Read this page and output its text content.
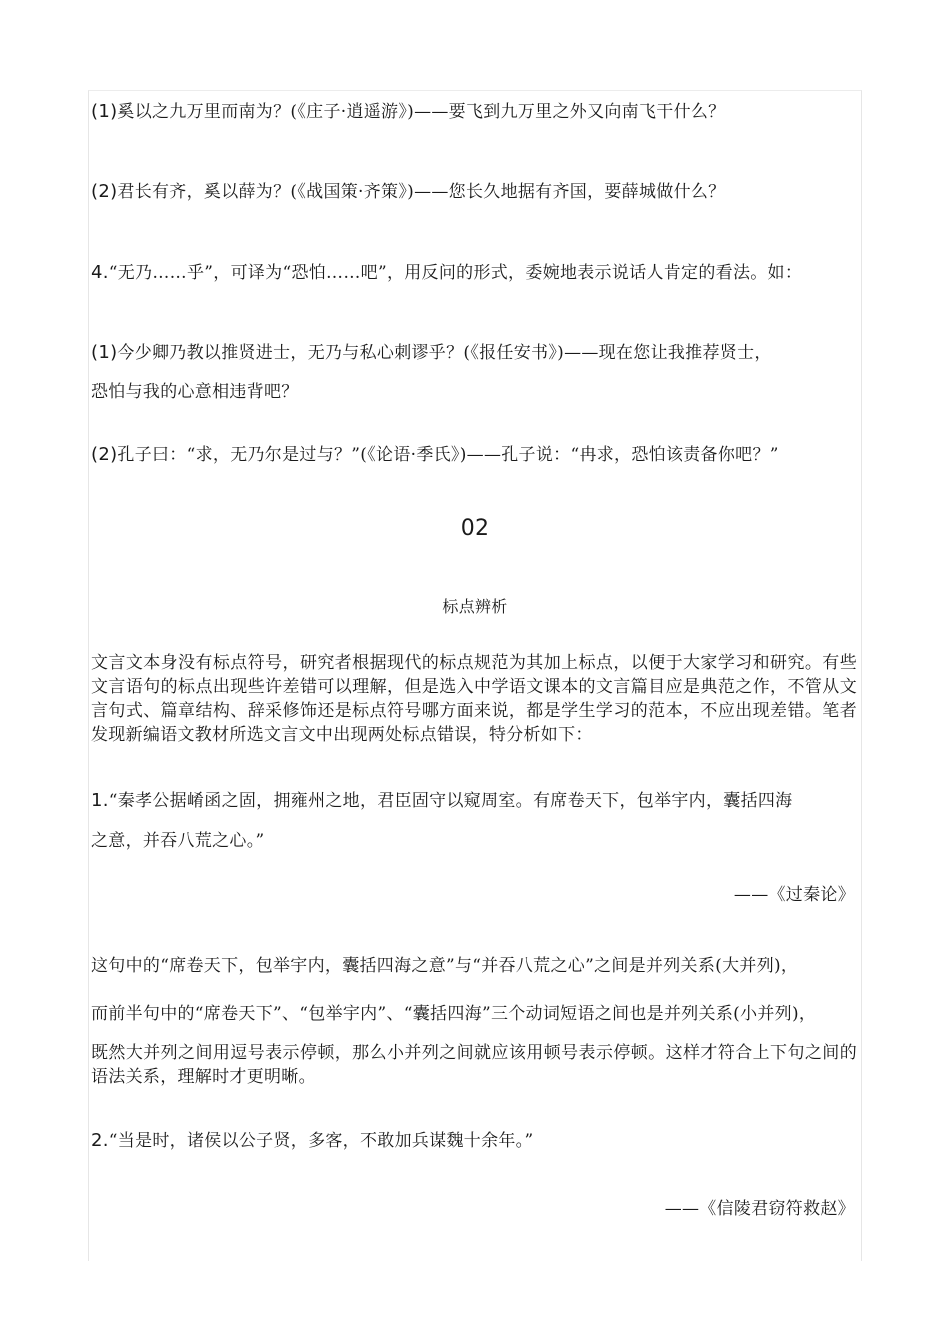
(1)奚以之九万里而南为？(《庄子·逍遥游》)——要飞到九万里之外又向南飞干什么？
(2)君长有齐，奚以薛为？(《战国策·齐策》)——您长久地据有齐国，要薛城做什么？
4.“无乃……乎”，可译为“恐怕……吧”，用反问的形式，委婉地表示说话人肯定的看法。如：
(1)今少卿乃教以推贤进士，无乃与私心刺谬乎？(《报任安书》)——现在您让我推荐贤士，
恐怕与我的心意相违背吧？
(2)孔子曰：“求，无乃尔是过与？”(《论语·季氏》)——孔子说：“冉求，恐怕该责备你吧？”
02
标点辨析
文言文本身没有标点符号，研究者根据现代的标点规范为其加上标点，以便于大家学习和研究。有些文言语句的标点出现些许差错可以理解，但是选入中学语文课本的文言篇目应是典范之作，不管从文言句式、篇章结构、辞采修饰还是标点符号哪方面来说，都是学生学习的范本，不应出现差错。笔者发现新编语文教材所选文言文中出现两处标点错误，特分析如下：
1.“秦孝公据崤函之固，拥雍州之地，君臣固守以窥周室。有席卷天下，包举宇内，囊括四海
之意，并吞八荒之心。”
——《过秦论》
这句中的“席卷天下，包举宇内，囊括四海之意”与“并吞八荒之心”之间是并列关系(大并列)，
而前半句中的“席卷天下”、“包举宇内”、“囊括四海”三个动词短语之间也是并列关系(小并列)，
既然大并列之间用逗号表示停顿，那么小并列之间就应该用顿号表示停顿。这样才符合上下句之间的语法关系，理解时才更明晰。
2.“当是时，诸侯以公子贤，多客，不敢加兵谋魏十余年。”
——《信陵君窃符救赵》
